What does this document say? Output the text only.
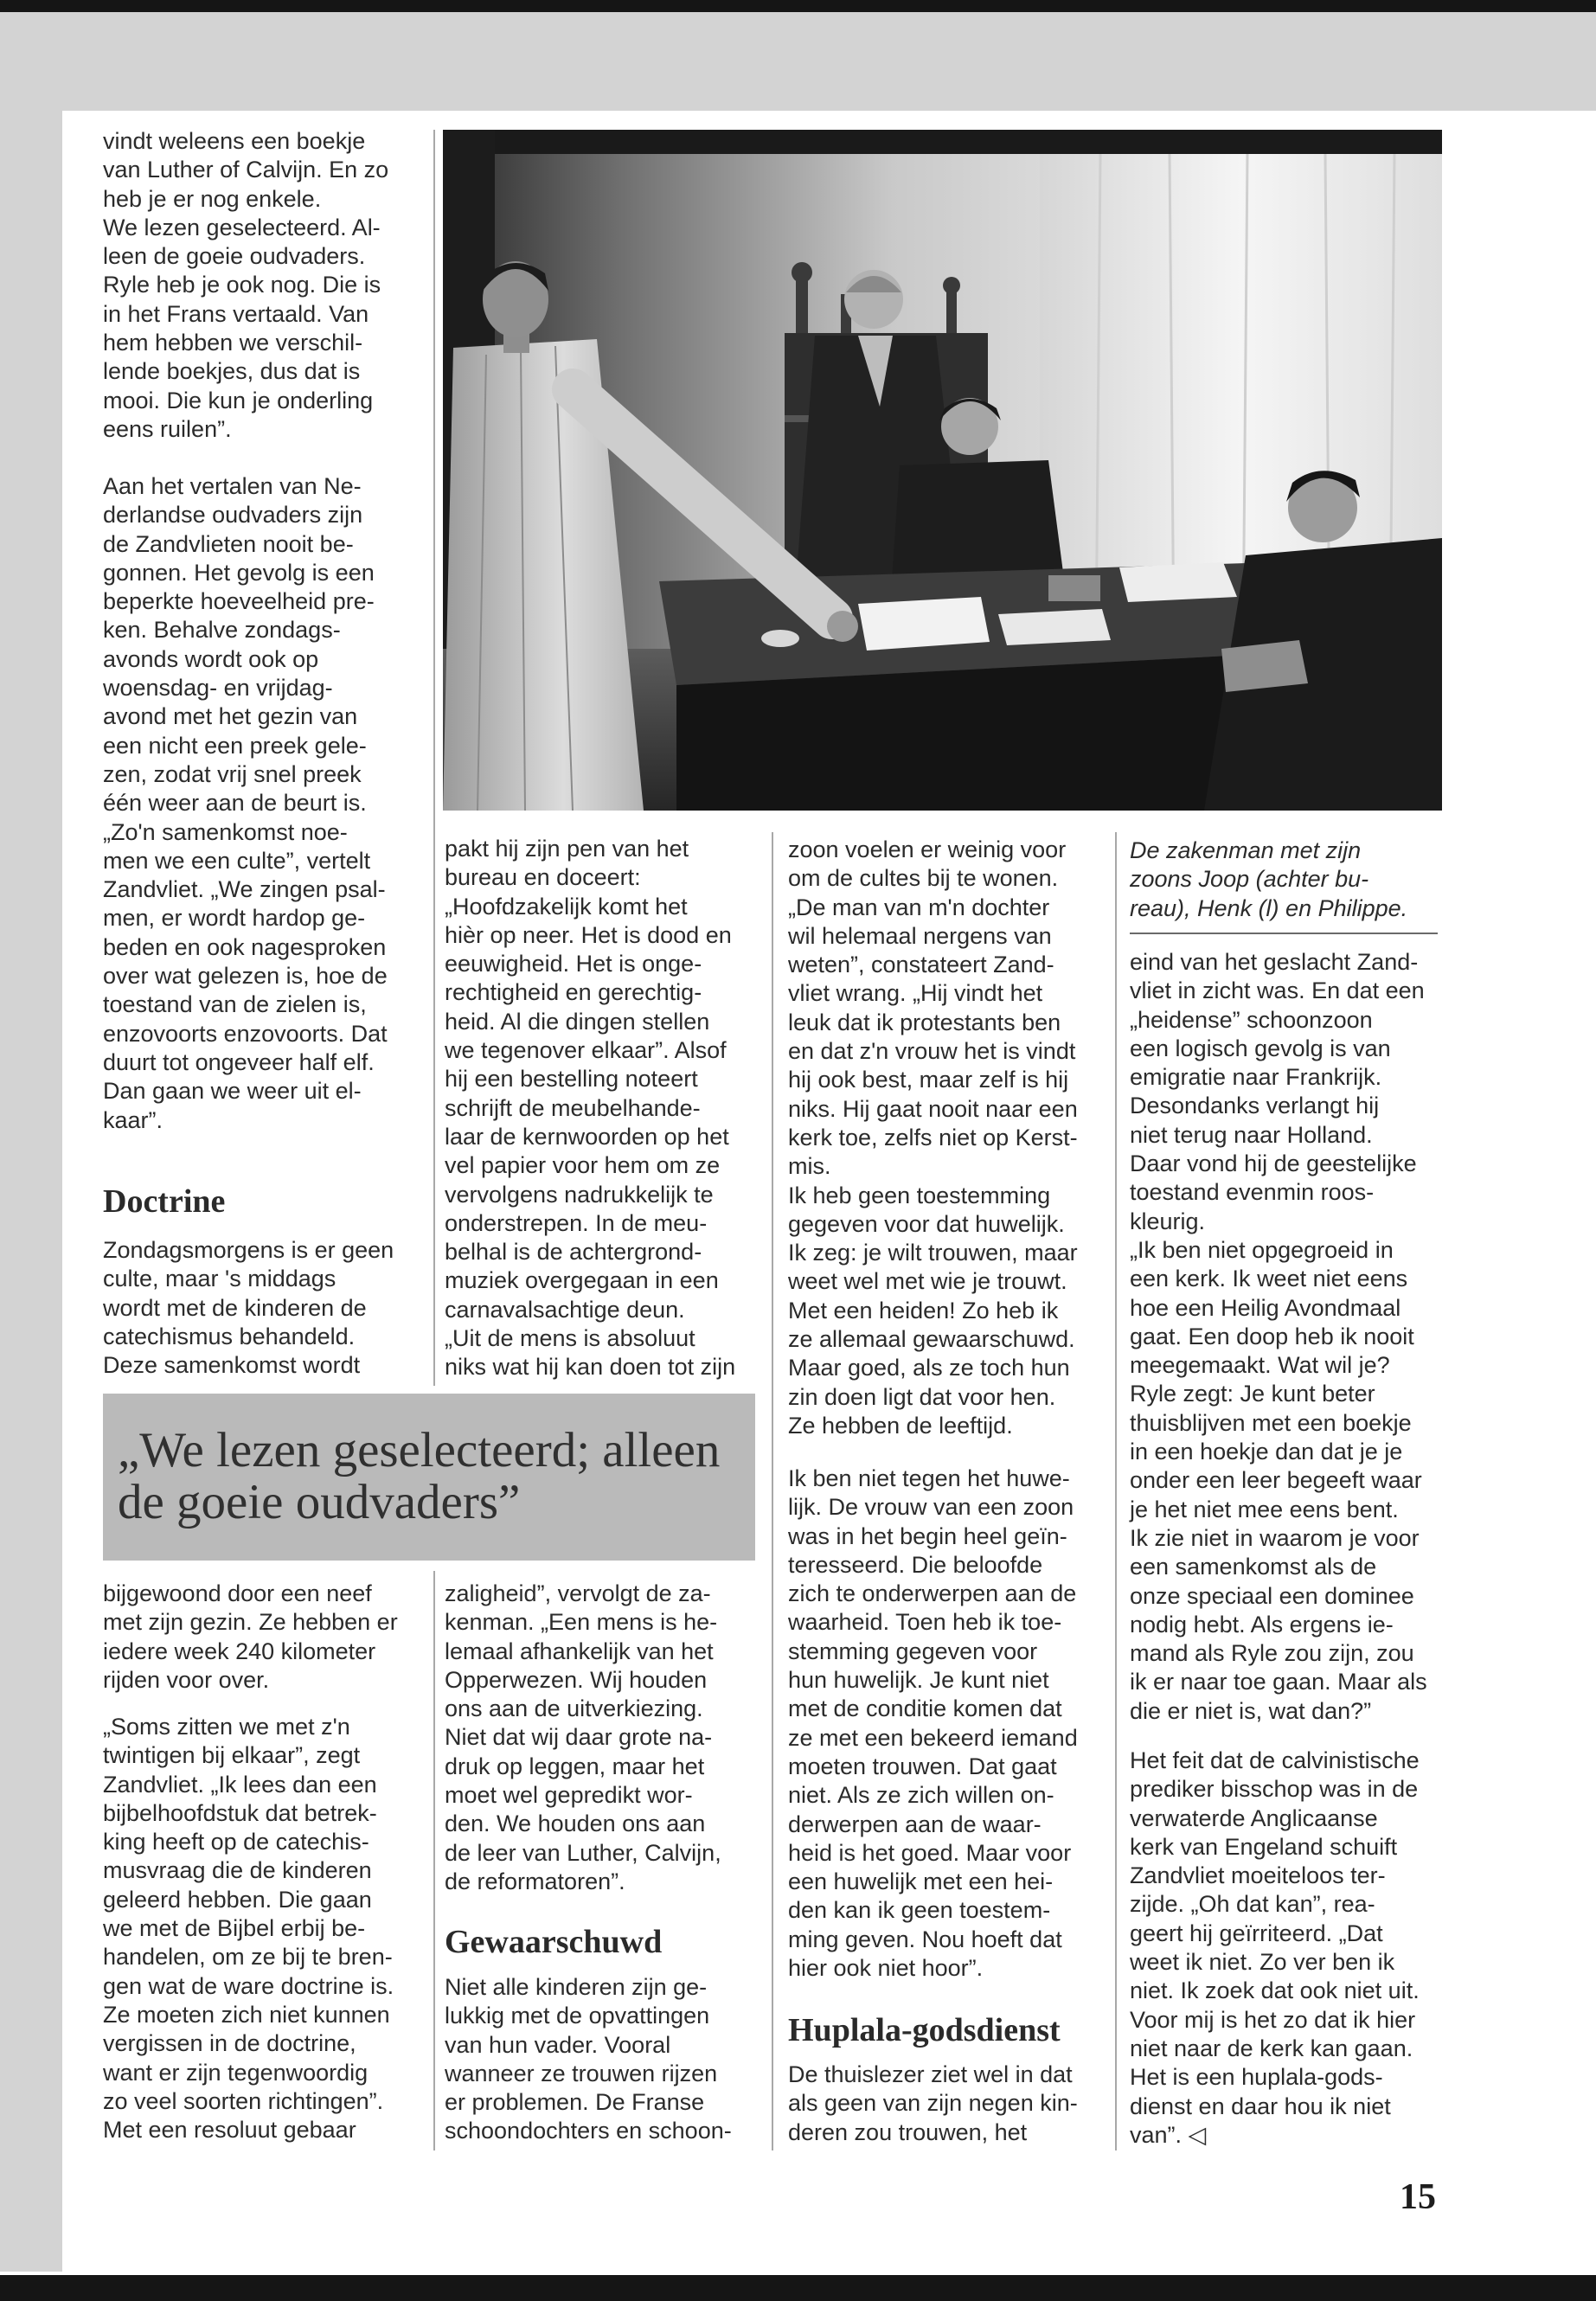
vindt weleens een boekje
van Luther of Calvijn. En zo
heb je er nog enkele.
We lezen geselecteerd. Al-
leen de goeie oudvaders.
Ryle heb je ook nog. Die is
in het Frans vertaald. Van
hem hebben we verschil-
lende boekjes, dus dat is
mooi. Die kun je onderling
eens ruilen”.

Aan het vertalen van Ne-
derlandse oudvaders zijn
de Zandvlieten nooit be-
gonnen. Het gevolg is een
beperkte hoeveelheid pre-
ken. Behalve zondags-
avonds wordt ook op
woensdag- en vrijdag-
avond met het gezin van
een nicht een preek gele-
zen, zodat vrij snel preek
één weer aan de beurt is.
„Zo'n samenkomst noe-
men we een culte”, vertelt
Zandvliet. „We zingen psal-
men, er wordt hardop ge-
beden en ook nagesproken
over wat gelezen is, hoe de
toestand van de zielen is,
enzovoorts enzovoorts. Dat
duurt tot ongeveer half elf.
Dan gaan we weer uit el-
kaar”.

Doctrine

Zondagsmorgens is er geen
culte, maar 's middags
wordt met de kinderen de
catechismus behandeld.
Deze samenkomst wordt

„We lezen geselecteerd; alleen
de goeie oudvaders”

bijgewoond door een neef
met zijn gezin. Ze hebben er
iedere week 240 kilometer
rijden voor over.

„Soms zitten we met z'n
twintigen bij elkaar”, zegt
Zandvliet. „Ik lees dan een
bijbelhoofdstuk dat betrek-
king heeft op de catechis-
musvraag die de kinderen
geleerd hebben. Die gaan
we met de Bijbel erbij be-
handelen, om ze bij te bren-
gen wat de ware doctrine is.
Ze moeten zich niet kunnen
vergissen in de doctrine,
want er zijn tegenwoordig
zo veel soorten richtingen”.
Met een resoluut gebaar

pakt hij zijn pen van het
bureau en doceert:
„Hoofdzakelijk komt het
hièr op neer. Het is dood en
eeuwigheid. Het is onge-
rechtigheid en gerechtig-
heid. Al die dingen stellen
we tegenover elkaar”. Alsof
hij een bestelling noteert
schrijft de meubelhande-
laar de kernwoorden op het
vel papier voor hem om ze
vervolgens nadrukkelijk te
onderstrepen. In de meu-
belhal is de achtergrond-
muziek overgegaan in een
carnavalsachtige deun.
„Uit de mens is absoluut
niks wat hij kan doen tot zijn

zaligheid”, vervolgt de za-
kenman. „Een mens is he-
lemaal afhankelijk van het
Opperwezen. Wij houden
ons aan de uitverkiezing.
Niet dat wij daar grote na-
druk op leggen, maar het
moet wel gepredikt wor-
den. We houden ons aan
de leer van Luther, Calvijn,
de reformatoren”.

Gewaarschuwd

Niet alle kinderen zijn ge-
lukkig met de opvattingen
van hun vader. Vooral
wanneer ze trouwen rijzen
er problemen. De Franse
schoondochters en schoon-

zoon voelen er weinig voor
om de cultes bij te wonen.
„De man van m'n dochter
wil helemaal nergens van
weten”, constateert Zand-
vliet wrang. „Hij vindt het
leuk dat ik protestants ben
en dat z'n vrouw het is vindt
hij ook best, maar zelf is hij
niks. Hij gaat nooit naar een
kerk toe, zelfs niet op Kerst-
mis.
Ik heb geen toestemming
gegeven voor dat huwelijk.
Ik zeg: je wilt trouwen, maar
weet wel met wie je trouwt.
Met een heiden! Zo heb ik
ze allemaal gewaarschuwd.
Maar goed, als ze toch hun
zin doen ligt dat voor hen.
Ze hebben de leeftijd.

Ik ben niet tegen het huwe-
lijk. De vrouw van een zoon
was in het begin heel geïn-
teresseerd. Die beloofde
zich te onderwerpen aan de
waarheid. Toen heb ik toe-
stemming gegeven voor
hun huwelijk. Je kunt niet
met de conditie komen dat
ze met een bekeerd iemand
moeten trouwen. Dat gaat
niet. Als ze zich willen on-
derwerpen aan de waar-
heid is het goed. Maar voor
een huwelijk met een hei-
den kan ik geen toestem-
ming geven. Nou hoeft dat
hier ook niet hoor”.

Huplala-godsdienst

De thuislezer ziet wel in dat
als geen van zijn negen kin-
deren zou trouwen, het

De zakenman met zijn
zoons Joop (achter bu-
reau), Henk (l) en Philippe.

eind van het geslacht Zand-
vliet in zicht was. En dat een
„heidense” schoonzoon
een logisch gevolg is van
emigratie naar Frankrijk.
Desondanks verlangt hij
niet terug naar Holland.
Daar vond hij de geestelijke
toestand evenmin roos-
kleurig.
„Ik ben niet opgegroeid in
een kerk. Ik weet niet eens
hoe een Heilig Avondmaal
gaat. Een doop heb ik nooit
meegemaakt. Wat wil je?
Ryle zegt: Je kunt beter
thuisblijven met een boekje
in een hoekje dan dat je je
onder een leer begeeft waar
je het niet mee eens bent.
Ik zie niet in waarom je voor
een samenkomst als de
onze speciaal een dominee
nodig hebt. Als ergens ie-
mand als Ryle zou zijn, zou
ik er naar toe gaan. Maar als
die er niet is, wat dan?”

Het feit dat de calvinistische
prediker bisschop was in de
verwaterde Anglicaanse
kerk van Engeland schuift
Zandvliet moeiteloos ter-
zijde. „Oh dat kan”, rea-
geert hij geïrriteerd. „Dat
weet ik niet. Zo ver ben ik
niet. Ik zoek dat ook niet uit.
Voor mij is het zo dat ik hier
niet naar de kerk kan gaan.
Het is een huplala-gods-
dienst en daar hou ik niet
van”. ◁

15
